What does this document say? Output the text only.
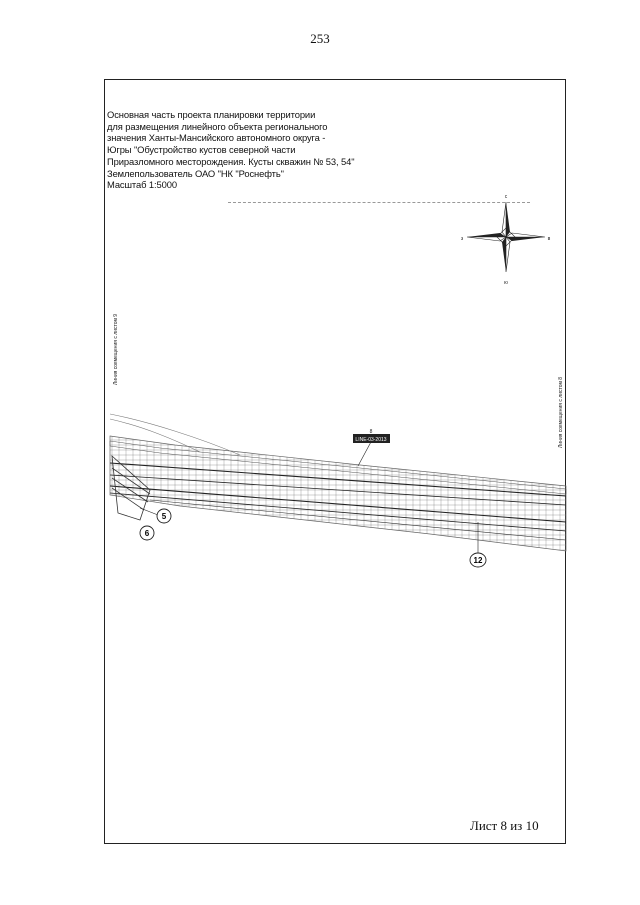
253
Основная часть проекта планировки территории
для размещения линейного объекта регионального
значения Ханты-Мансийского автономного округа -
Югры "Обустройство кустов северной части
Приразломного месторождения. Кусты скважин № 53, 54"
Землепользователь ОАО "НК "Роснефть"
Масштаб 1:5000
с
ю
з	в
Линия совмещения с листом 9
Линия совмещения с листом 8
8
LINE-03-2013
5
6
12
Лист 8 из 10
